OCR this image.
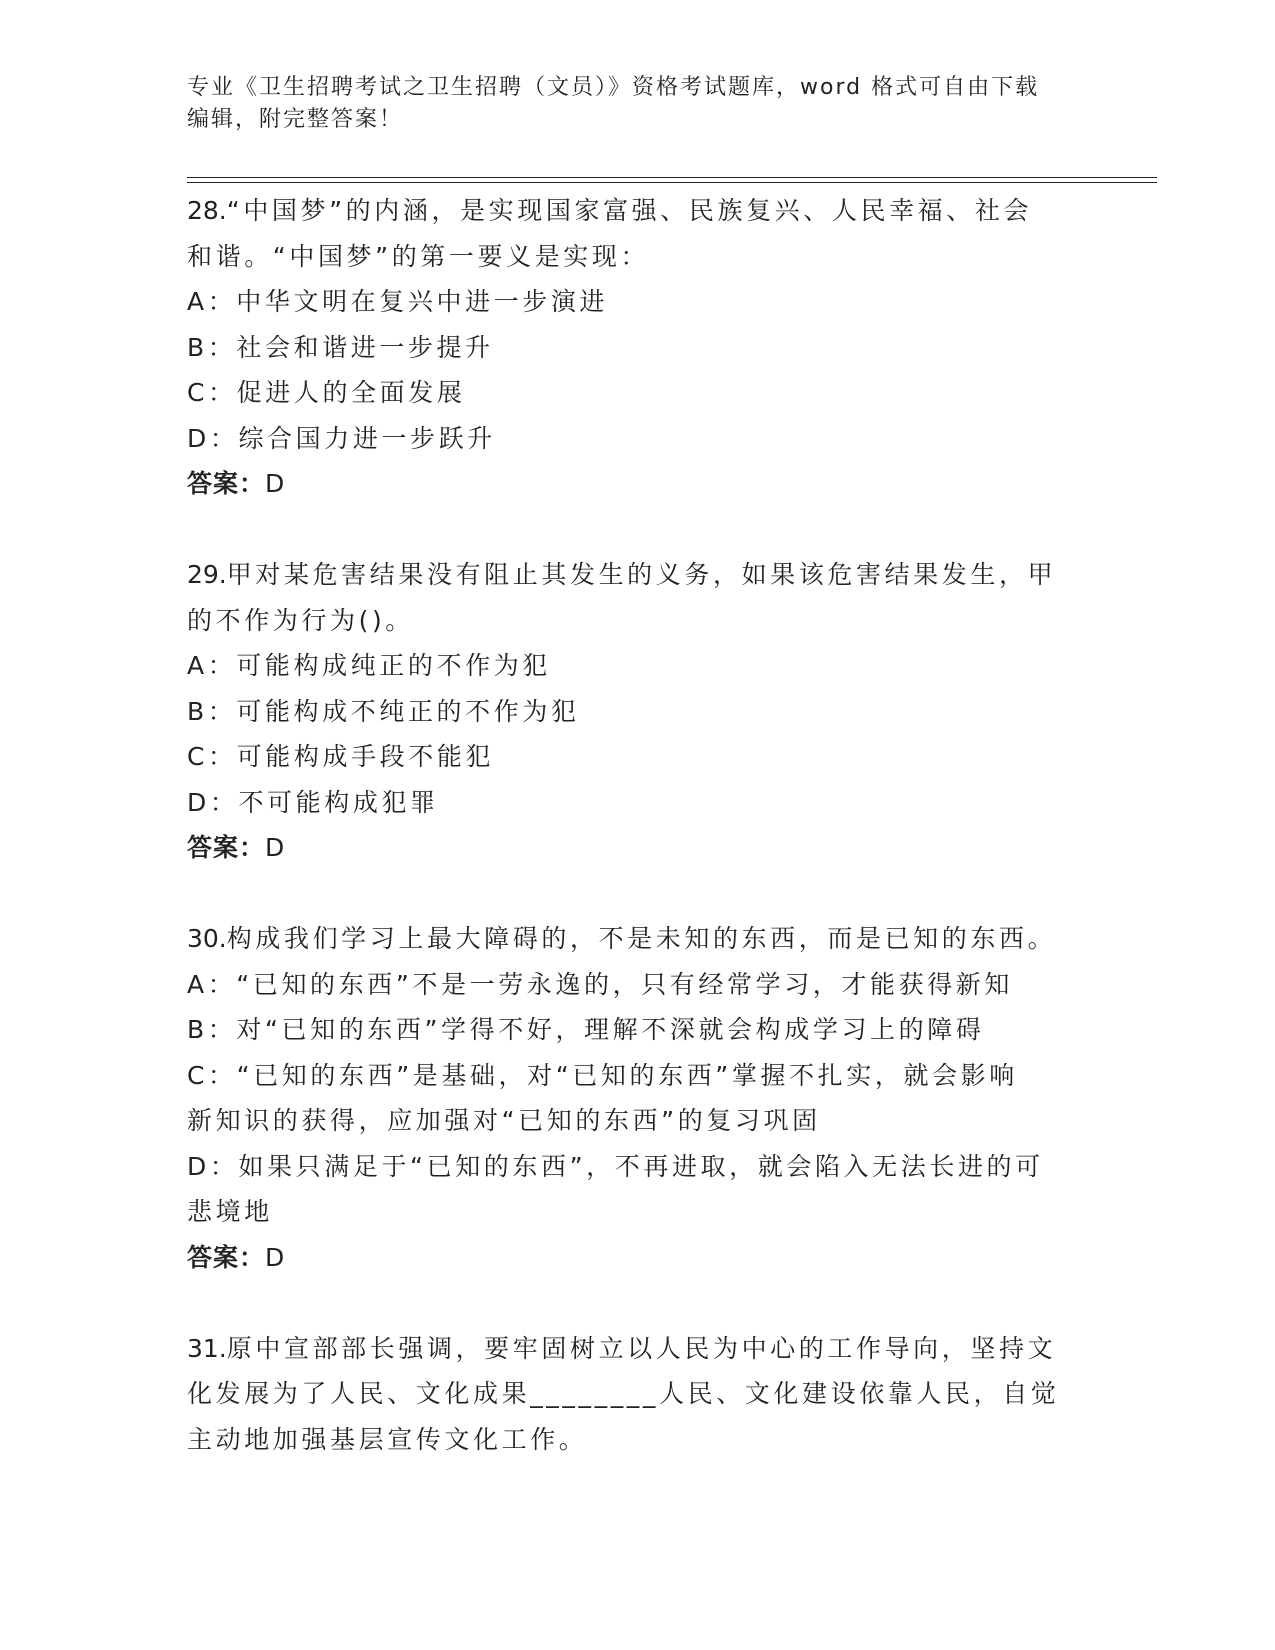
专业《卫生招聘考试之卫生招聘（文员）》资格考试题库，word 格式可自由下载
编辑，附完整答案！
28.“中国梦”的内涵，是实现国家富强、民族复兴、人民幸福、社会
和谐。“中国梦”的第一要义是实现：
A：中华文明在复兴中进一步演进
B：社会和谐进一步提升
C：促进人的全面发展
D：综合国力进一步跃升
答案：D
29.甲对某危害结果没有阻止其发生的义务，如果该危害结果发生，甲
的不作为行为()。
A：可能构成纯正的不作为犯
B：可能构成不纯正的不作为犯
C：可能构成手段不能犯
D：不可能构成犯罪
答案：D
30.构成我们学习上最大障碍的，不是未知的东西，而是已知的东西。
A：“已知的东西”不是一劳永逸的，只有经常学习，才能获得新知
B：对“已知的东西”学得不好，理解不深就会构成学习上的障碍
C：“已知的东西”是基础，对“已知的东西”掌握不扎实，就会影响
新知识的获得，应加强对“已知的东西”的复习巩固
D：如果只满足于“已知的东西”，不再进取，就会陷入无法长进的可
悲境地
答案：D
31.原中宣部部长强调，要牢固树立以人民为中心的工作导向，坚持文
化发展为了人民、文化成果________人民、文化建设依靠人民，自觉
主动地加强基层宣传文化工作。
